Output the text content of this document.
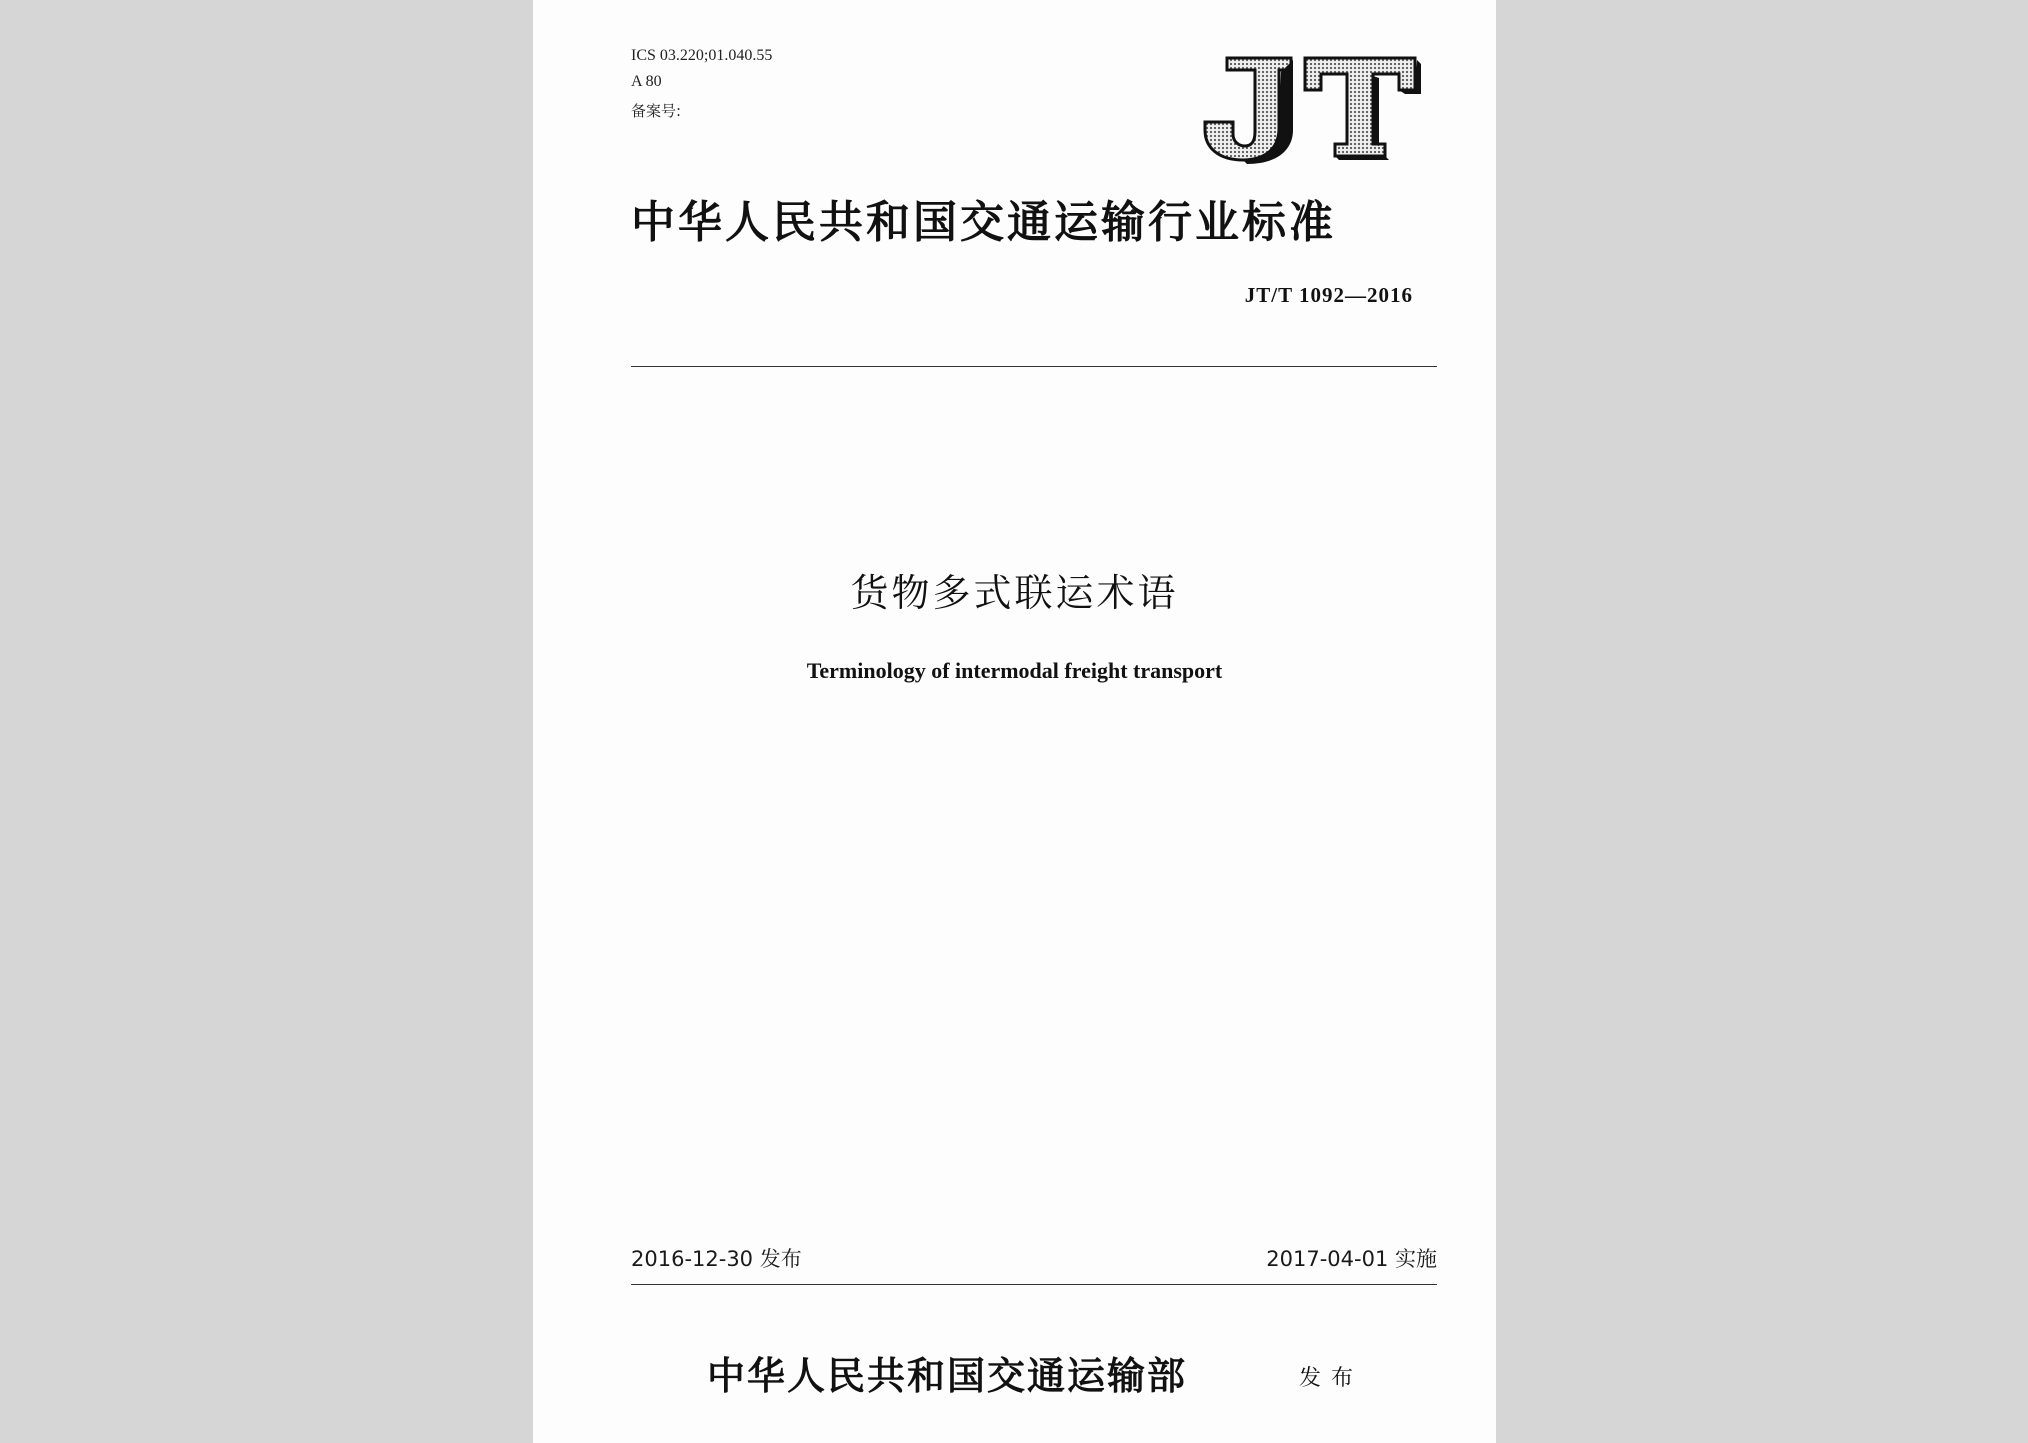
ICS 03.220;01.040.55
A 80
备案号:
JT
中华人民共和国交通运输行业标准
JT/T 1092—2016
货物多式联运术语
Terminology of intermodal freight transport
2016-12-30 发布	2017-04-01 实施
中华人民共和国交通运输部	发布
